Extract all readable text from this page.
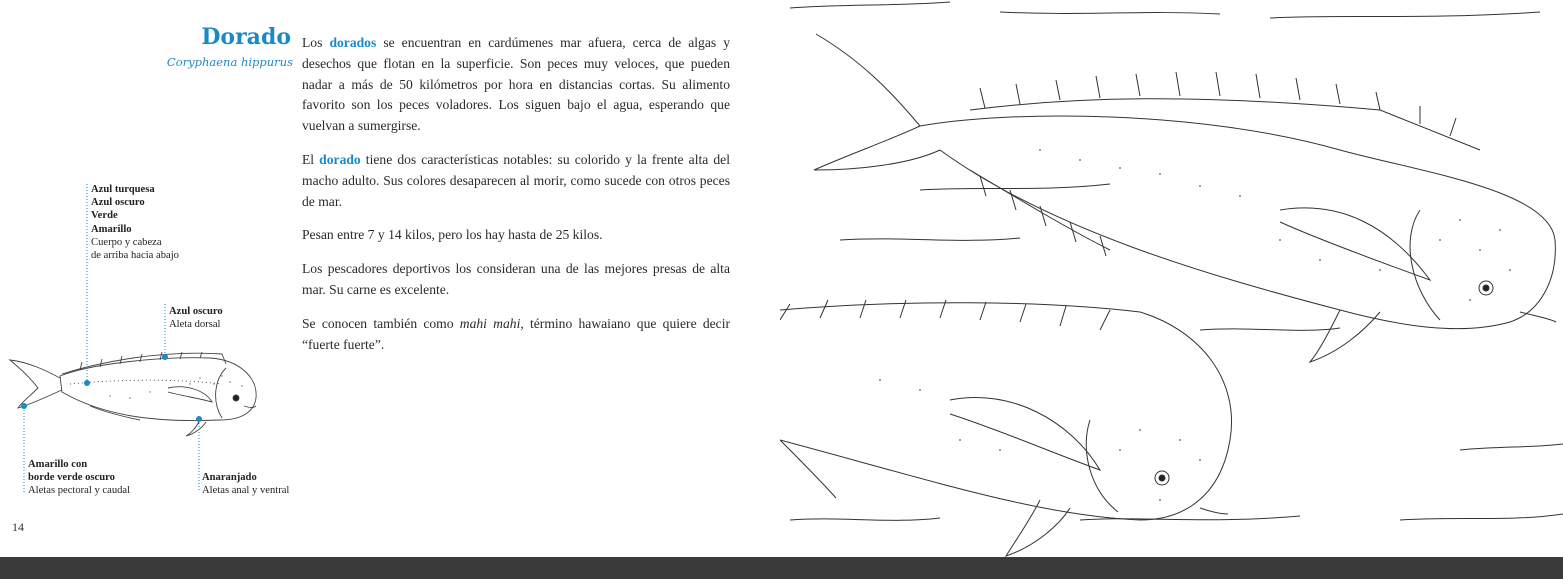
Dorado
Coryphaena hippurus

Los dorados se encuentran en cardúmenes mar afuera, cerca de algas y desechos que flotan en la superficie. Son peces muy veloces, que pueden nadar a más de 50 kilómetros por hora en distancias cortas. Su alimento favorito son los peces voladores. Los siguen bajo el agua, esperando que vuelvan a sumergirse.

El dorado tiene dos características notables: su colorido y la frente alta del macho adulto. Sus colores desaparecen al morir, como sucede con otros peces de mar.

Pesan entre 7 y 14 kilos, pero los hay hasta de 25 kilos.

Los pescadores deportivos los consideran una de las mejores presas de alta mar. Su carne es excelente.

Se conocen también como mahi mahi, término hawaiano que quiere decir “fuerte fuerte”.

Azul turquesa
Azul oscuro
Verde
Amarillo
Cuerpo y cabeza
de arriba hacia abajo
Azul oscuro
Aleta dorsal
Amarillo con
borde verde oscuro
Aletas pectoral y caudal
Anaranjado
Aletas anal y ventral
14
